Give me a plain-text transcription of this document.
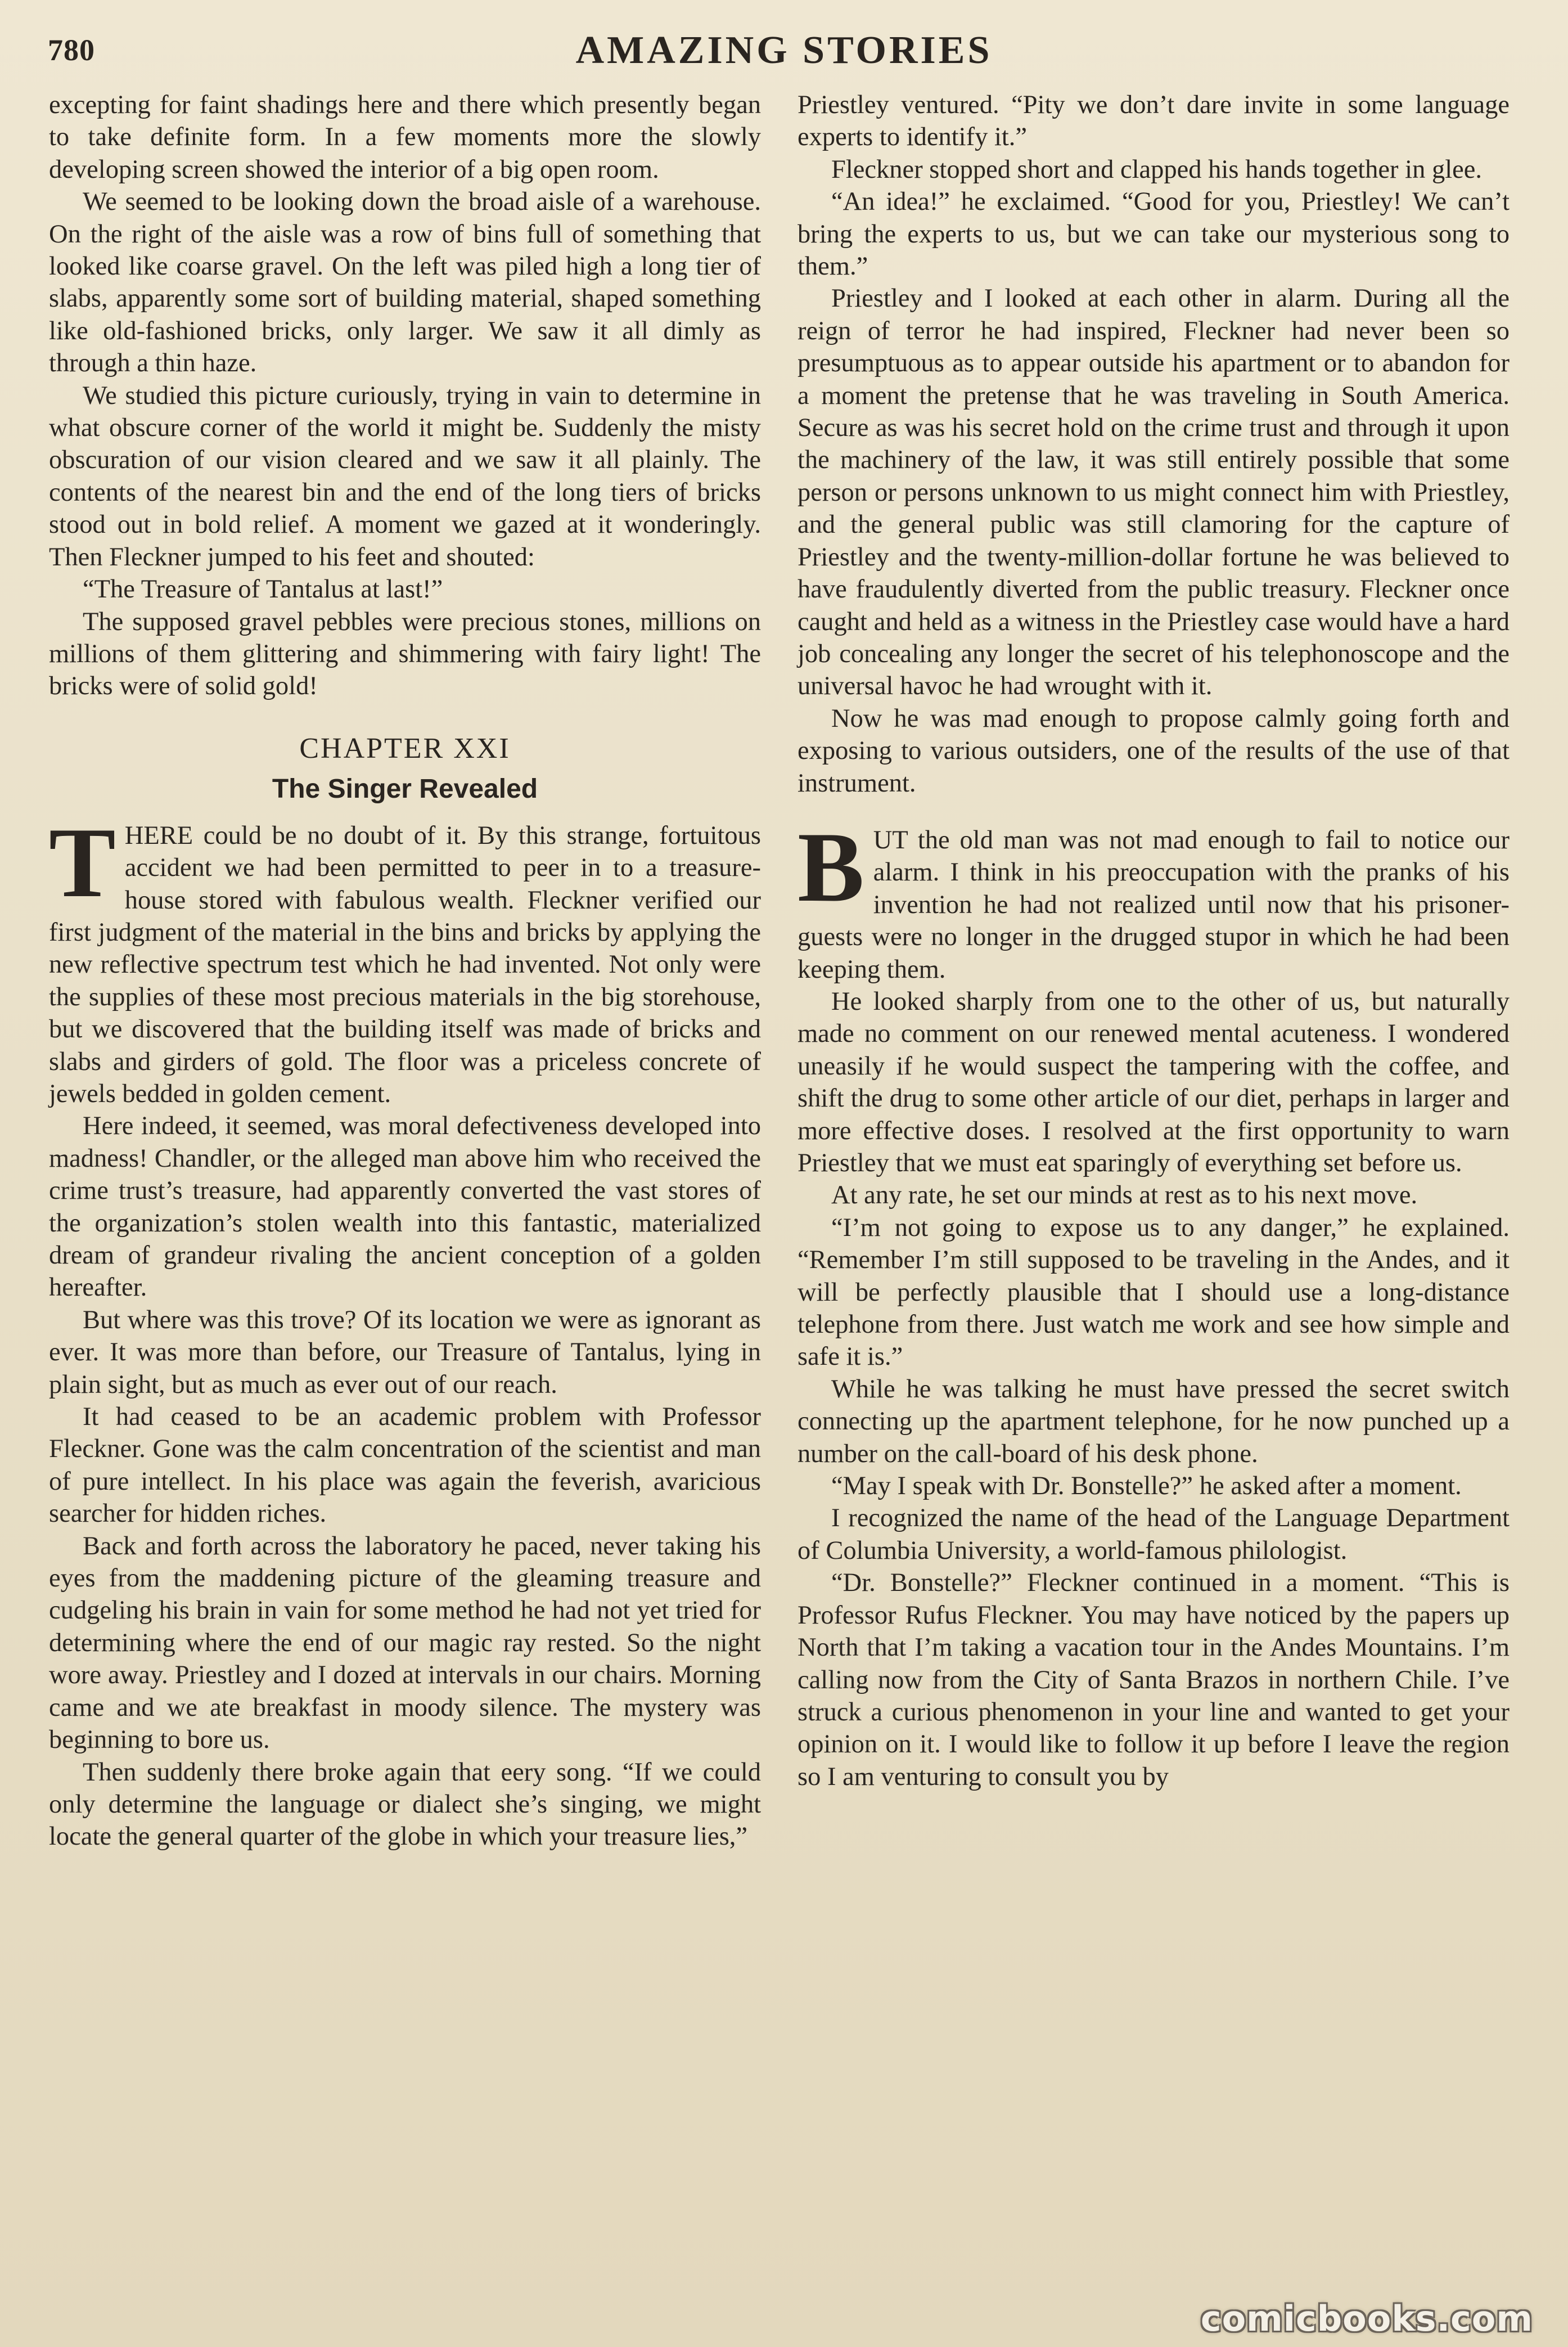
780	AMAZING STORIES

excepting for faint shadings here and there which presently began to take definite form. In a few moments more the slowly developing screen showed the interior of a big open room.

We seemed to be looking down the broad aisle of a warehouse. On the right of the aisle was a row of bins full of something that looked like coarse gravel. On the left was piled high a long tier of slabs, apparently some sort of building material, shaped something like old-fashioned bricks, only larger. We saw it all dimly as through a thin haze.

We studied this picture curiously, trying in vain to determine in what obscure corner of the world it might be. Suddenly the misty obscuration of our vision cleared and we saw it all plainly. The contents of the nearest bin and the end of the long tiers of bricks stood out in bold relief. A moment we gazed at it wonderingly. Then Fleckner jumped to his feet and shouted:

“The Treasure of Tantalus at last!”

The supposed gravel pebbles were precious stones, millions on millions of them glittering and shimmering with fairy light! The bricks were of solid gold!

CHAPTER XXI
The Singer Revealed

THERE could be no doubt of it. By this strange, fortuitous accident we had been permitted to peer in to a treasure-house stored with fabulous wealth. Fleckner verified our first judgment of the material in the bins and bricks by applying the new reflective spectrum test which he had invented. Not only were the supplies of these most precious materials in the big storehouse, but we discovered that the building itself was made of bricks and slabs and girders of gold. The floor was a priceless concrete of jewels bedded in golden cement.

Here indeed, it seemed, was moral defectiveness developed into madness! Chandler, or the alleged man above him who received the crime trust’s treasure, had apparently converted the vast stores of the organization’s stolen wealth into this fantastic, materialized dream of grandeur rivaling the ancient conception of a golden hereafter.

But where was this trove? Of its location we were as ignorant as ever. It was more than before, our Treasure of Tantalus, lying in plain sight, but as much as ever out of our reach.

It had ceased to be an academic problem with Professor Fleckner. Gone was the calm concentration of the scientist and man of pure intellect. In his place was again the feverish, avaricious searcher for hidden riches.

Back and forth across the laboratory he paced, never taking his eyes from the maddening picture of the gleaming treasure and cudgeling his brain in vain for some method he had not yet tried for determining where the end of our magic ray rested. So the night wore away. Priestley and I dozed at intervals in our chairs. Morning came and we ate breakfast in moody silence. The mystery was beginning to bore us.

Then suddenly there broke again that eery song. “If we could only determine the language or dialect she’s singing, we might locate the general quarter of the globe in which your treasure lies,”

Priestley ventured. “Pity we don’t dare invite in some language experts to identify it.”

Fleckner stopped short and clapped his hands together in glee.

“An idea!” he exclaimed. “Good for you, Priestley! We can’t bring the experts to us, but we can take our mysterious song to them.”

Priestley and I looked at each other in alarm. During all the reign of terror he had inspired, Fleckner had never been so presumptuous as to appear outside his apartment or to abandon for a moment the pretense that he was traveling in South America. Secure as was his secret hold on the crime trust and through it upon the machinery of the law, it was still entirely possible that some person or persons unknown to us might connect him with Priestley, and the general public was still clamoring for the capture of Priestley and the twenty-million-dollar fortune he was believed to have fraudulently diverted from the public treasury. Fleckner once caught and held as a witness in the Priestley case would have a hard job concealing any longer the secret of his telephonoscope and the universal havoc he had wrought with it.

Now he was mad enough to propose calmly going forth and exposing to various outsiders, one of the results of the use of that instrument.

BUT the old man was not mad enough to fail to notice our alarm. I think in his preoccupation with the pranks of his invention he had not realized until now that his prisoner-guests were no longer in the drugged stupor in which he had been keeping them.

He looked sharply from one to the other of us, but naturally made no comment on our renewed mental acuteness. I wondered uneasily if he would suspect the tampering with the coffee, and shift the drug to some other article of our diet, perhaps in larger and more effective doses. I resolved at the first opportunity to warn Priestley that we must eat sparingly of everything set before us.

At any rate, he set our minds at rest as to his next move.

“I’m not going to expose us to any danger,” he explained. “Remember I’m still supposed to be traveling in the Andes, and it will be perfectly plausible that I should use a long-distance telephone from there. Just watch me work and see how simple and safe it is.”

While he was talking he must have pressed the secret switch connecting up the apartment telephone, for he now punched up a number on the call-board of his desk phone.

“May I speak with Dr. Bonstelle?” he asked after a moment.

I recognized the name of the head of the Language Department of Columbia University, a world-famous philologist.

“Dr. Bonstelle?” Fleckner continued in a moment. “This is Professor Rufus Fleckner. You may have noticed by the papers up North that I’m taking a vacation tour in the Andes Mountains. I’m calling now from the City of Santa Brazos in northern Chile. I’ve struck a curious phenomenon in your line and wanted to get your opinion on it. I would like to follow it up before I leave the region so I am venturing to consult you by

comicbooks.com
